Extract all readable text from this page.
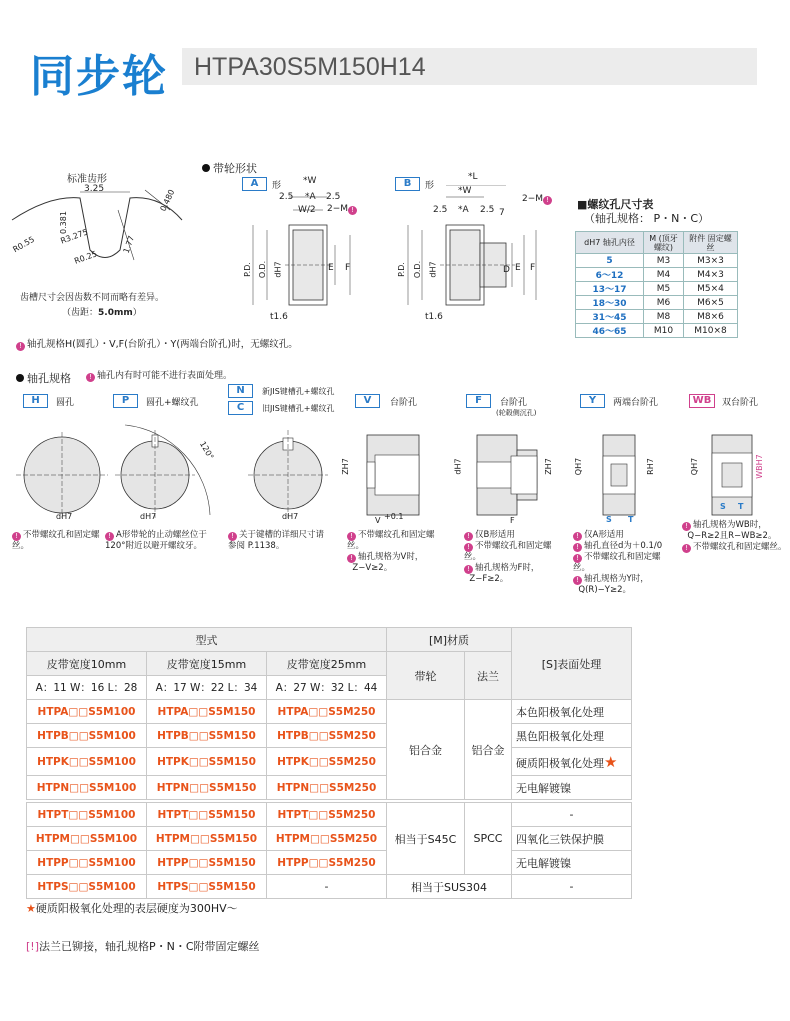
同步轮 HTPA30S5M150H14
标准齿形
3.25
0.381
0.480
R0.55	R3.275
R0.25
1.77
齿槽尺寸会因齿数不同而略有差异。
（齿距：5.0mm）
带轮形状
A	形	B	形
*W
2.5 *A 2.5
W/2 2−M !
P.D. O.D. dH7	E F
t1.6
*L
*W
2.5 *A 2.5 7
2−M !
P.D. O.D. dH7	D E F
t1.6
■螺纹孔尺寸表
（轴孔规格： P・N・C）
dH7 轴孔内径	M (顶牙螺纹)	附件 固定螺丝
5	M3	M3×3
6～12	M4	M4×3
13～17	M5	M5×4
18～30	M6	M6×5
31～45	M8	M8×6
46～65	M10	M10×8
! 轴孔规格H(圆孔）・V,F(台阶孔）・Y(两端台阶孔)时，无螺纹孔。
轴孔规格	! 轴孔内有时可能不进行表面处理。
H	圆孔	P	圆孔+螺纹孔
N	新JIS键槽孔+螺纹孔
C	旧JIS键槽孔+螺纹孔
V	台阶孔	F	台阶孔
(轮毂侧沉孔)
Y	两端台阶孔	WB	双台阶孔
dH7
120°
dH7	dH7
ZH7
V +0.1
dH7	ZH7
F
QH7	RH7
S T
QH7	WBH7
S T
! 不带螺纹孔和固定螺丝。
! A形带轮的止动螺丝位于120°附近以避开螺纹牙。
! 关于键槽的详细尺寸请参阅 P.1138。
! 不带螺纹孔和固定螺丝。
! 轴孔规格为V时，
Z−V≥2。
! 仅B形适用
! 不带螺纹孔和固定螺丝。
! 轴孔规格为F时，
Z−F≥2。
! 仅A形适用
! 轴孔直径d为＋0.1/0
! 不带螺纹孔和固定螺丝。
! 轴孔规格为Y时，
Q(R)−Y≥2。
! 轴孔规格为WB时，
Q−R≥2且R−WB≥2。
! 不带螺纹孔和固定螺丝。
型式			[M]材质		[S]表面处理
皮带宽度10mm	皮带宽度15mm	皮带宽度25mm	带轮	法兰	
A：11 W：16 L：28	A：17 W：22 L：34	A：27 W：32 L：44			
HTPA□□S5M100	HTPA□□S5M150	HTPA□□S5M250	铝合金	铝合金	本色阳极氧化处理
HTPB□□S5M100	HTPB□□S5M150	HTPB□□S5M250			黑色阳极氧化处理
HTPK□□S5M100	HTPK□□S5M150	HTPK□□S5M250			硬质阳极氧化处理★
HTPN□□S5M100	HTPN□□S5M150	HTPN□□S5M250			无电解镀镍
HTPT□□S5M100	HTPT□□S5M150	HTPT□□S5M250	相当于S45C	SPCC	-
HTPM□□S5M100	HTPM□□S5M150	HTPM□□S5M250			四氧化三铁保护膜
HTPP□□S5M100	HTPP□□S5M150	HTPP□□S5M250			无电解镀镍
HTPS□□S5M100	HTPS□□S5M150	-	相当于SUS304		-
★硬质阳极氧化处理的表层硬度为300HV～
[!]法兰已铆接，轴孔规格P・N・C附带固定螺丝
